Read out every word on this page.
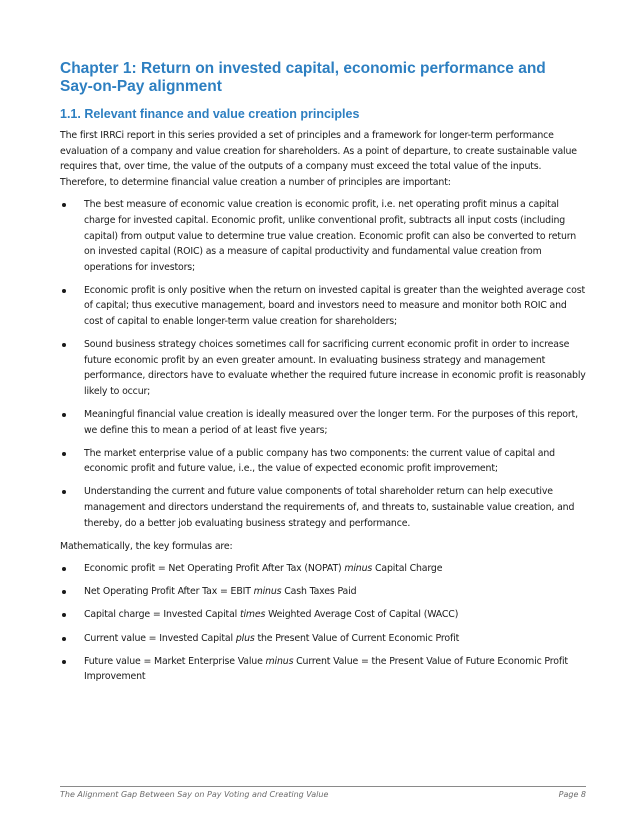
Chapter 1: Return on invested capital, economic performance and Say-on-Pay alignment
1.1. Relevant finance and value creation principles

The first IRRCi report in this series provided a set of principles and a framework for longer-term performance evaluation of a company and value creation for shareholders. As a point of departure, to create sustainable value requires that, over time, the value of the outputs of a company must exceed the total value of the inputs. Therefore, to determine financial value creation a number of principles are important:

The best measure of economic value creation is economic profit, i.e. net operating profit minus a capital charge for invested capital. Economic profit, unlike conventional profit, subtracts all input costs (including capital) from output value to determine true value creation. Economic profit can also be converted to return on invested capital (ROIC) as a measure of capital productivity and fundamental value creation from operations for investors;
Economic profit is only positive when the return on invested capital is greater than the weighted average cost of capital; thus executive management, board and investors need to measure and monitor both ROIC and cost of capital to enable longer-term value creation for shareholders;
Sound business strategy choices sometimes call for sacrificing current economic profit in order to increase future economic profit by an even greater amount. In evaluating business strategy and management performance, directors have to evaluate whether the required future increase in economic profit is reasonably likely to occur;
Meaningful financial value creation is ideally measured over the longer term. For the purposes of this report, we define this to mean a period of at least five years;
The market enterprise value of a public company has two components: the current value of capital and economic profit and future value, i.e., the value of expected economic profit improvement;
Understanding the current and future value components of total shareholder return can help executive management and directors understand the requirements of, and threats to, sustainable value creation, and thereby, do a better job evaluating business strategy and performance.

Mathematically, the key formulas are:

Economic profit = Net Operating Profit After Tax (NOPAT) minus Capital Charge
Net Operating Profit After Tax = EBIT minus Cash Taxes Paid
Capital charge = Invested Capital times Weighted Average Cost of Capital (WACC)
Current value = Invested Capital plus the Present Value of Current Economic Profit
Future value = Market Enterprise Value minus Current Value = the Present Value of Future Economic Profit Improvement
The Alignment Gap Between Say on Pay Voting and Creating Value	Page 8
